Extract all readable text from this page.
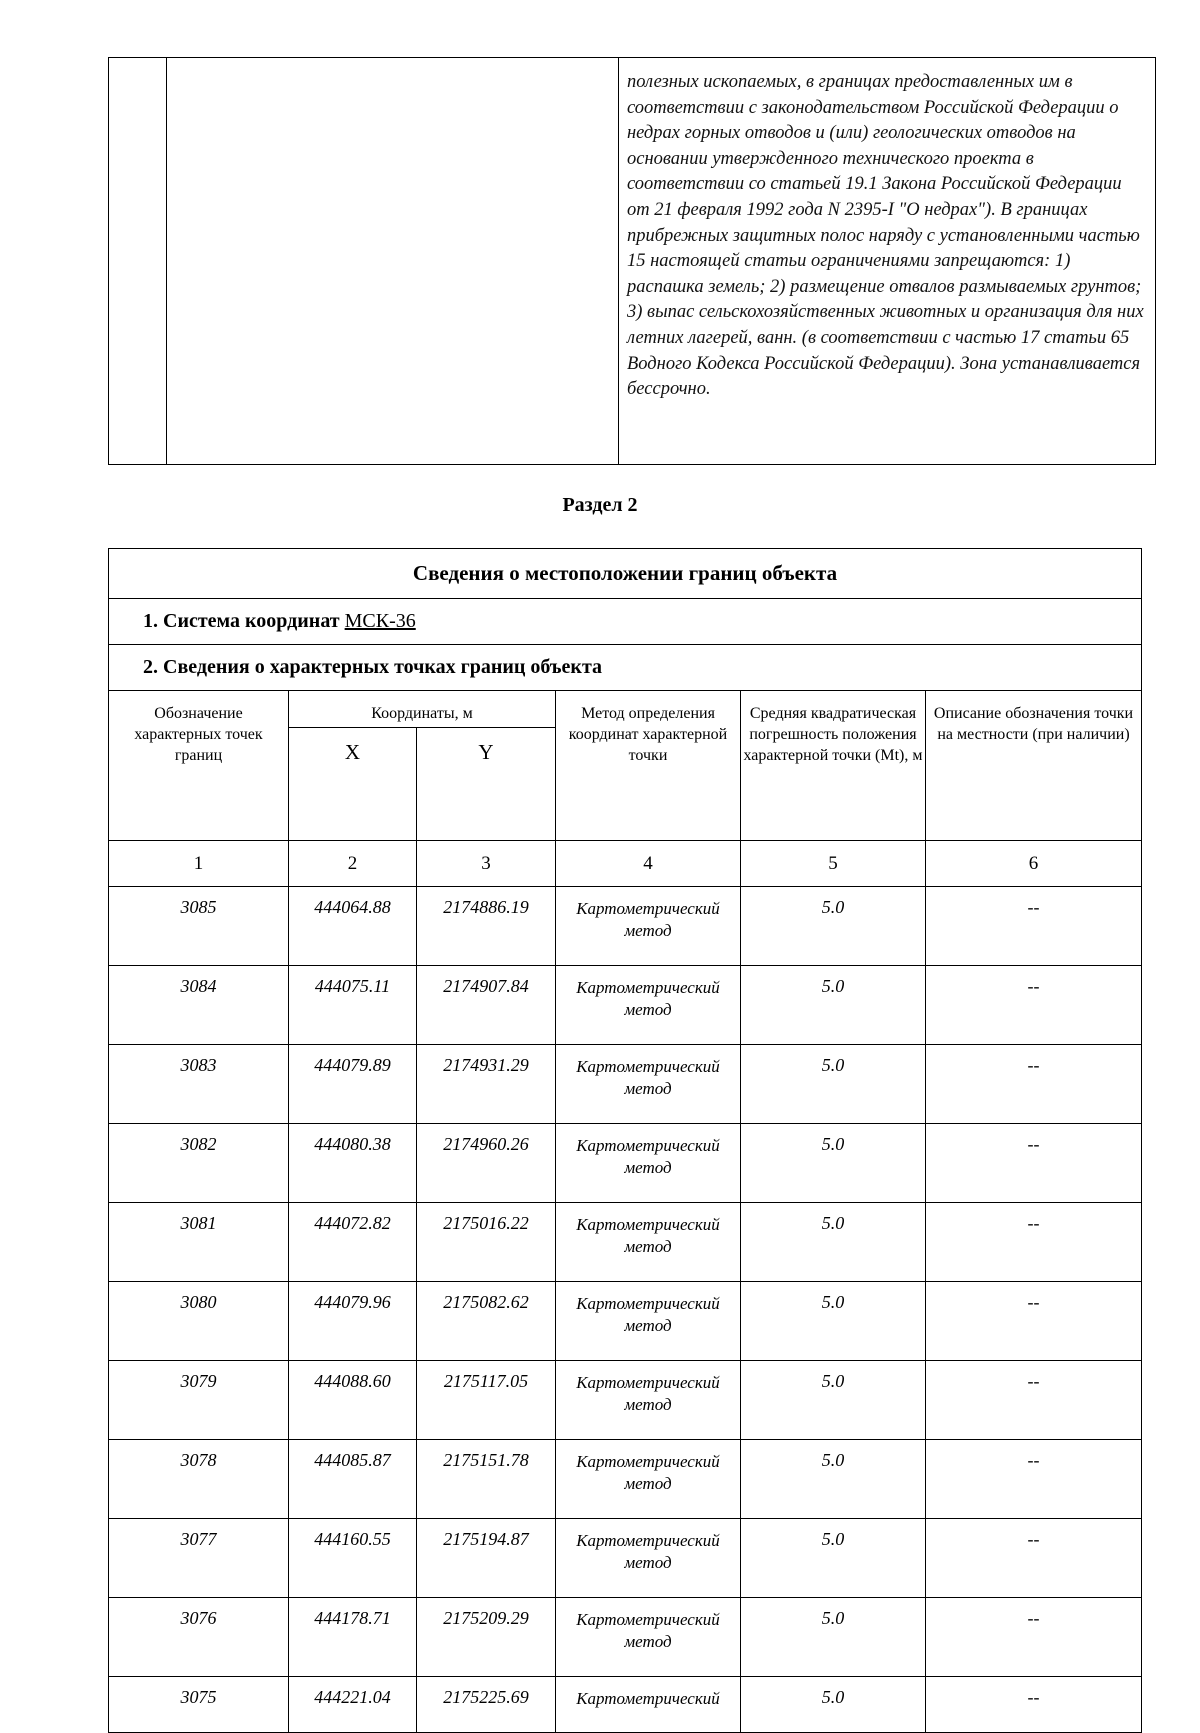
полезных ископаемых, в границах предоставленных им в соответствии с законодательством Российской Федерации о недрах горных отводов и (или) геологических отводов на основании утвержденного технического проекта в соответствии со статьей 19.1 Закона Российской Федерации от 21 февраля 1992 года N 2395-I "О недрах"). В границах прибрежных защитных полос наряду с установленными частью 15 настоящей статьи ограничениями запрещаются: 1) распашка земель; 2) размещение отвалов размываемых грунтов; 3) выпас сельскохозяйственных животных и организация для них летних лагерей, ванн. (в соответствии с частью 17 статьи 65 Водного Кодекса Российской Федерации). Зона устанавливается бессрочно.
Раздел 2
Сведения о местоположении границ объекта					
1. Система координат МСК-36					
2. Сведения о характерных точках границ объекта					
Обозначение характерных точек границ	Координаты, м		Метод определения координат характерной точки	Средняя квадратическая погрешность положения характерной точки (Mt), м	Описание обозначения точки на местности (при наличии)
	X	Y			
1	2	3	4	5	6
3085	444064.88	2174886.19	Картометрический метод	5.0	--
3084	444075.11	2174907.84	Картометрический метод	5.0	--
3083	444079.89	2174931.29	Картометрический метод	5.0	--
3082	444080.38	2174960.26	Картометрический метод	5.0	--
3081	444072.82	2175016.22	Картометрический метод	5.0	--
3080	444079.96	2175082.62	Картометрический метод	5.0	--
3079	444088.60	2175117.05	Картометрический метод	5.0	--
3078	444085.87	2175151.78	Картометрический метод	5.0	--
3077	444160.55	2175194.87	Картометрический метод	5.0	--
3076	444178.71	2175209.29	Картометрический метод	5.0	--
3075	444221.04	2175225.69	Картометрический	5.0	--
